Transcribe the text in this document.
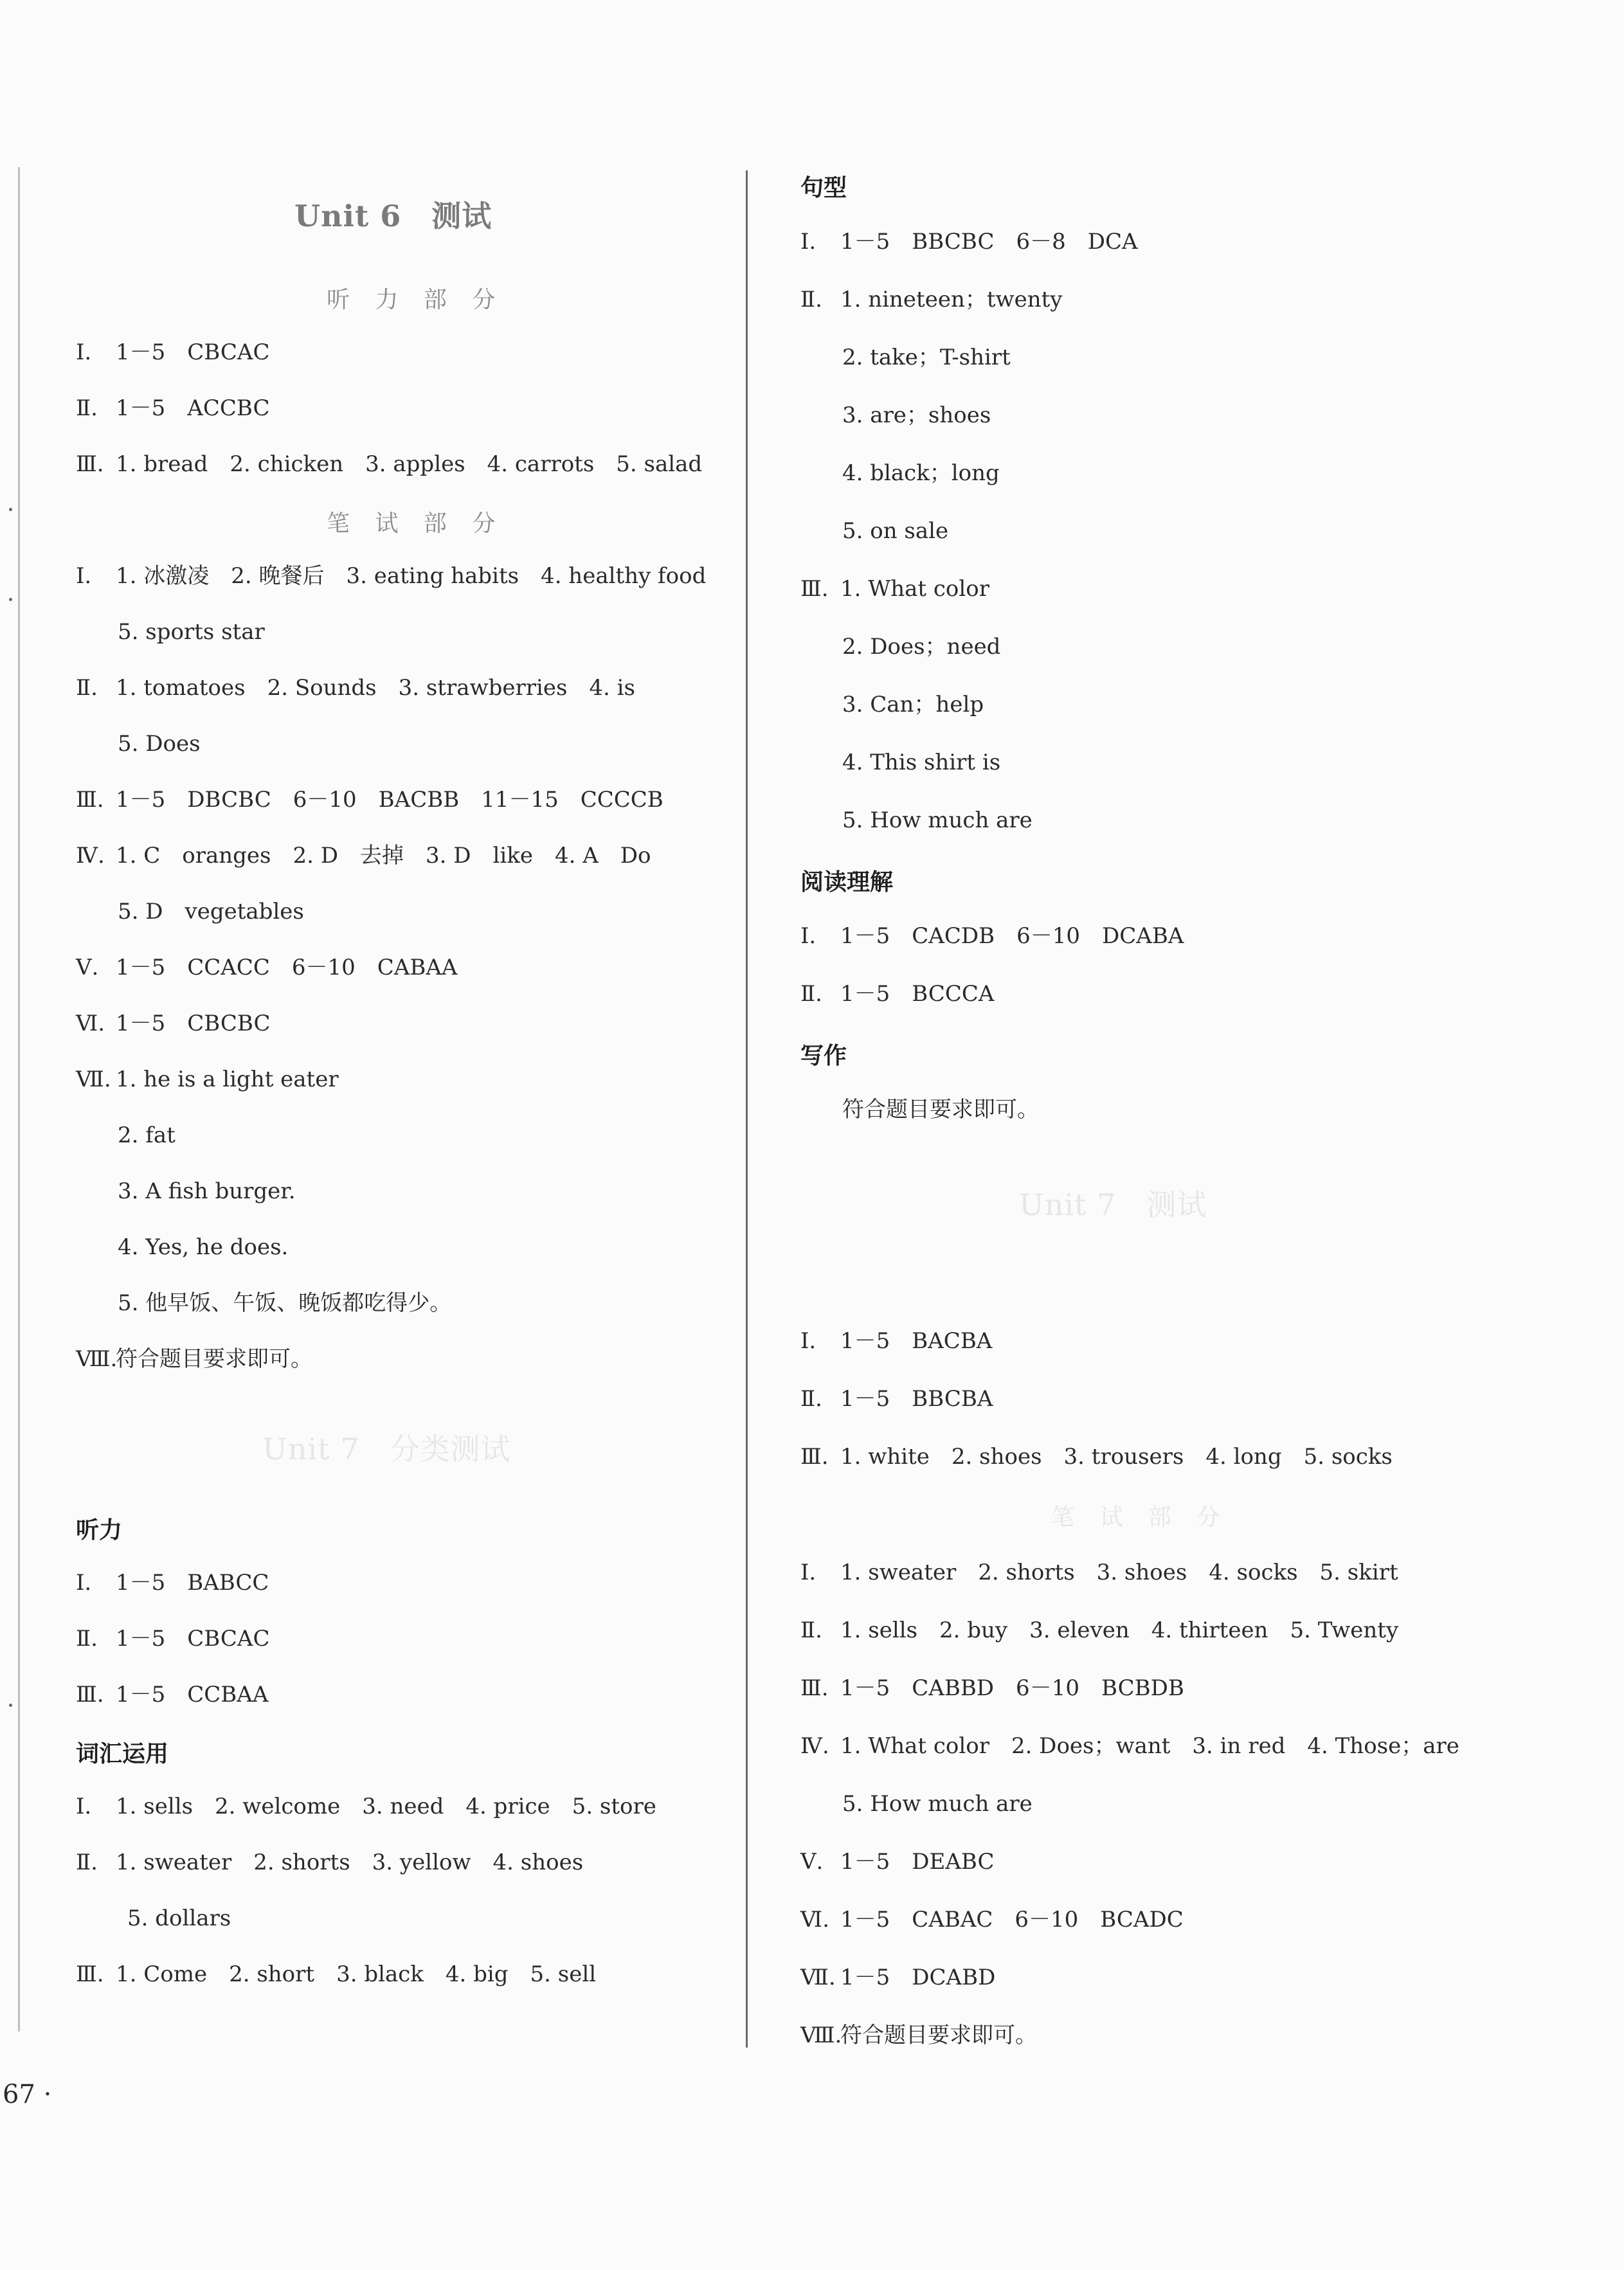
Unit 6　测试
听 力 部 分
Ⅰ. 1－5　CBCAC
Ⅱ. 1－5　ACCBC
Ⅲ. 1. bread　2. chicken　3. apples　4. carrots　5. salad
笔 试 部 分
Ⅰ. 1. 冰激凌　2. 晚餐后　3. eating habits　4. healthy food
5. sports star
Ⅱ. 1. tomatoes　2. Sounds　3. strawberries　4. is
5. Does
Ⅲ. 1－5　DBCBC　6－10　BACBB　11－15　CCCCB
Ⅳ. 1. C　oranges　2. D　去掉　3. D　like　4. A　Do
5. D　vegetables
Ⅴ. 1－5　CCACC　6－10　CABAA
Ⅵ. 1－5　CBCBC
Ⅶ. 1. he is a light eater
2. fat
3. A fish burger.
4. Yes, he does.
5. 他早饭、午饭、晚饭都吃得少。
Ⅷ.符合题目要求即可。
Unit 7　分类测试
听力
Ⅰ. 1－5　BABCC
Ⅱ. 1－5　CBCAC
Ⅲ. 1－5　CCBAA
词汇运用
Ⅰ. 1. sells　2. welcome　3. need　4. price　5. store
Ⅱ. 1. sweater　2. shorts　3. yellow　4. shoes
5. dollars
Ⅲ. 1. Come　2. short　3. black　4. big　5. sell
句型
Ⅰ. 1－5　BBCBC　6－8　DCA
Ⅱ. 1. nineteen；twenty
2. take；T-shirt
3. are；shoes
4. black；long
5. on sale
Ⅲ. 1. What color
2. Does；need
3. Can；help
4. This shirt is
5. How much are
阅读理解
Ⅰ. 1－5　CACDB　6－10　DCABA
Ⅱ. 1－5　BCCCA
写作
符合题目要求即可。
Unit 7　测试
Ⅰ. 1－5　BACBA
Ⅱ. 1－5　BBCBA
Ⅲ. 1. white　2. shoes　3. trousers　4. long　5. socks
笔 试 部 分
Ⅰ. 1. sweater　2. shorts　3. shoes　4. socks　5. skirt
Ⅱ. 1. sells　2. buy　3. eleven　4. thirteen　5. Twenty
Ⅲ. 1－5　CABBD　6－10　BCBDB
Ⅳ. 1. What color　2. Does；want　3. in red　4. Those；are
5. How much are
Ⅴ. 1－5　DEABC
Ⅵ. 1－5　CABAC　6－10　BCADC
Ⅶ. 1－5　DCABD
Ⅷ.符合题目要求即可。
67 ·
